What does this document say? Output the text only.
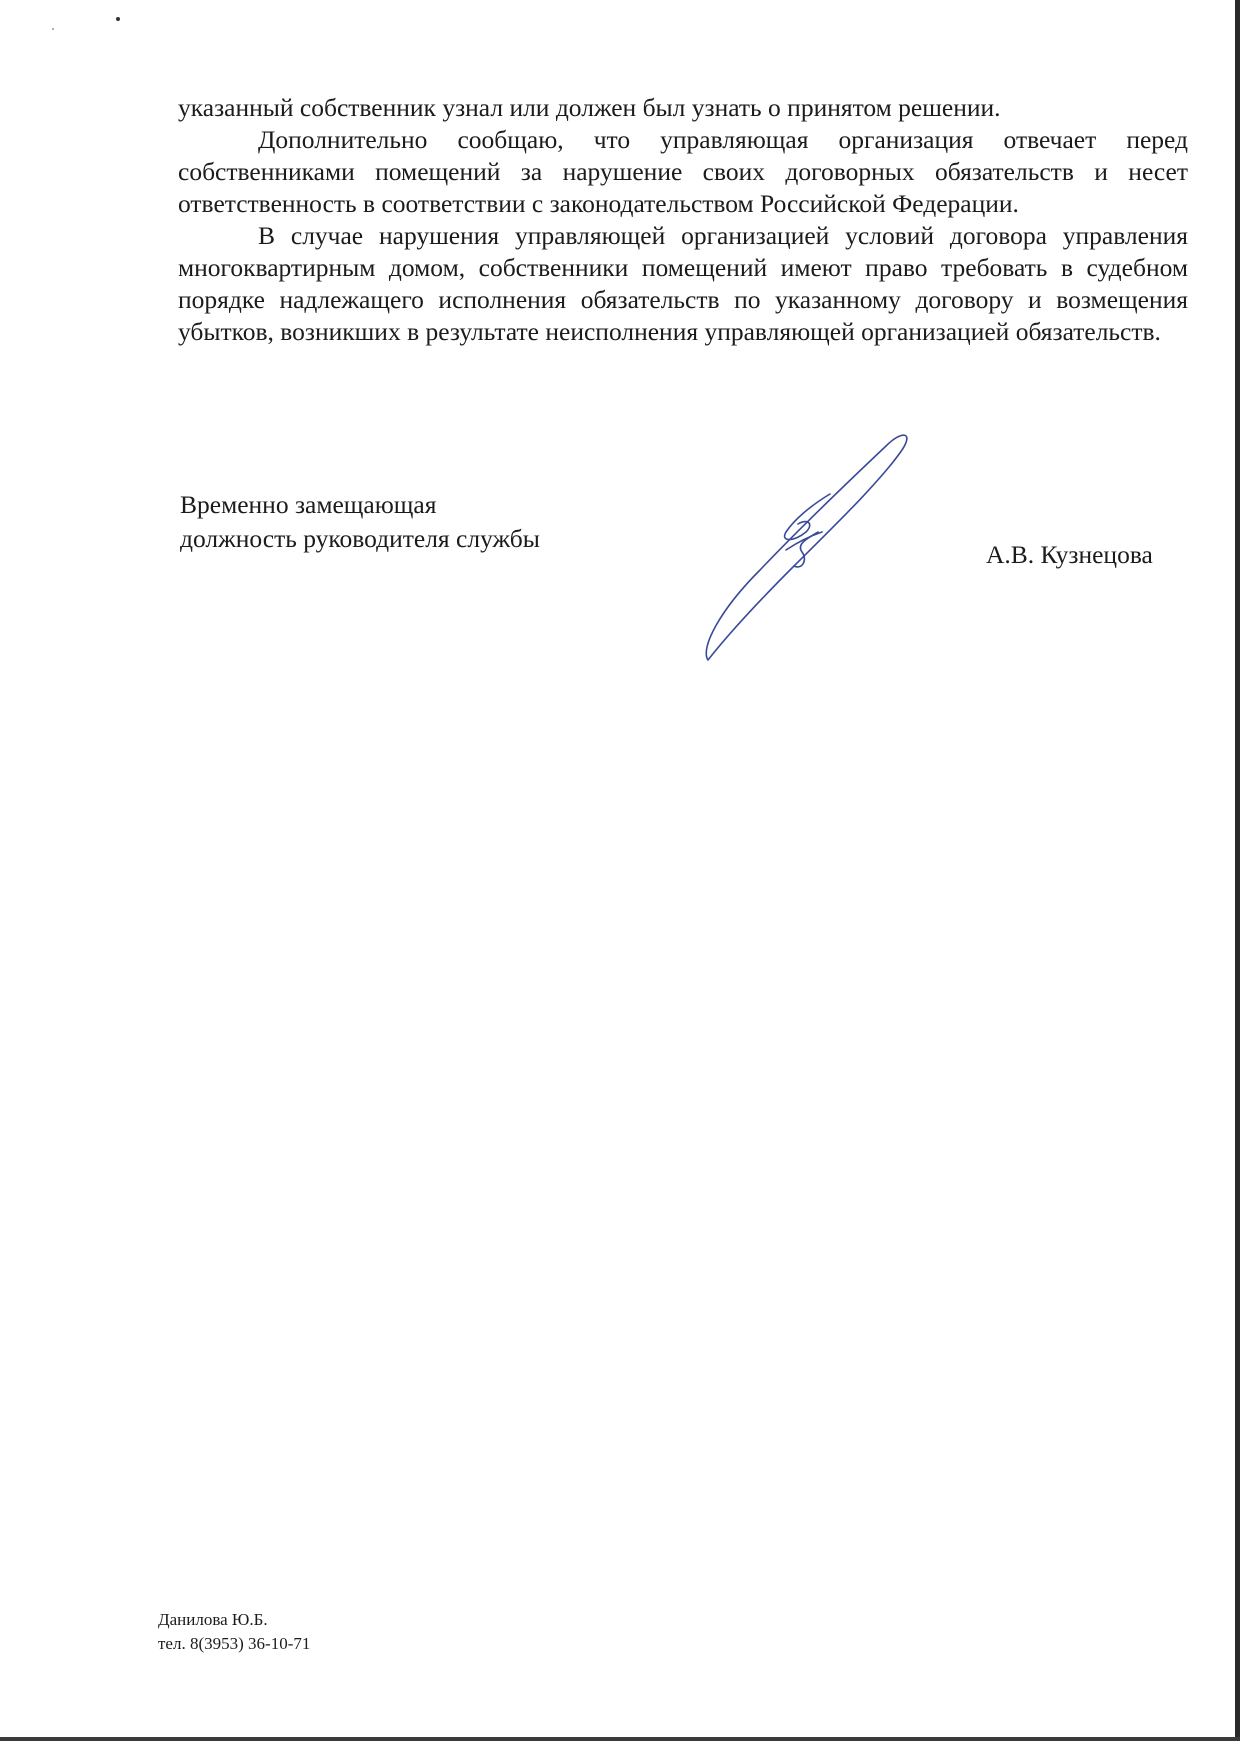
указанный собственник узнал или должен был узнать о принятом решении.

Дополнительно сообщаю, что управляющая организация отвечает перед собственниками помещений за нарушение своих договорных обязательств и несет ответственность в соответствии с законодательством Российской Федерации.

В случае нарушения управляющей организацией условий договора управления многоквартирным домом, собственники помещений имеют право требовать в судебном порядке надлежащего исполнения обязательств по указанному договору и возмещения убытков, возникших в результате неисполнения управляющей организацией обязательств.

Временно замещающая
должность руководителя службы

А.В. Кузнецова

Данилова Ю.Б.
тел. 8(3953) 36-10-71
